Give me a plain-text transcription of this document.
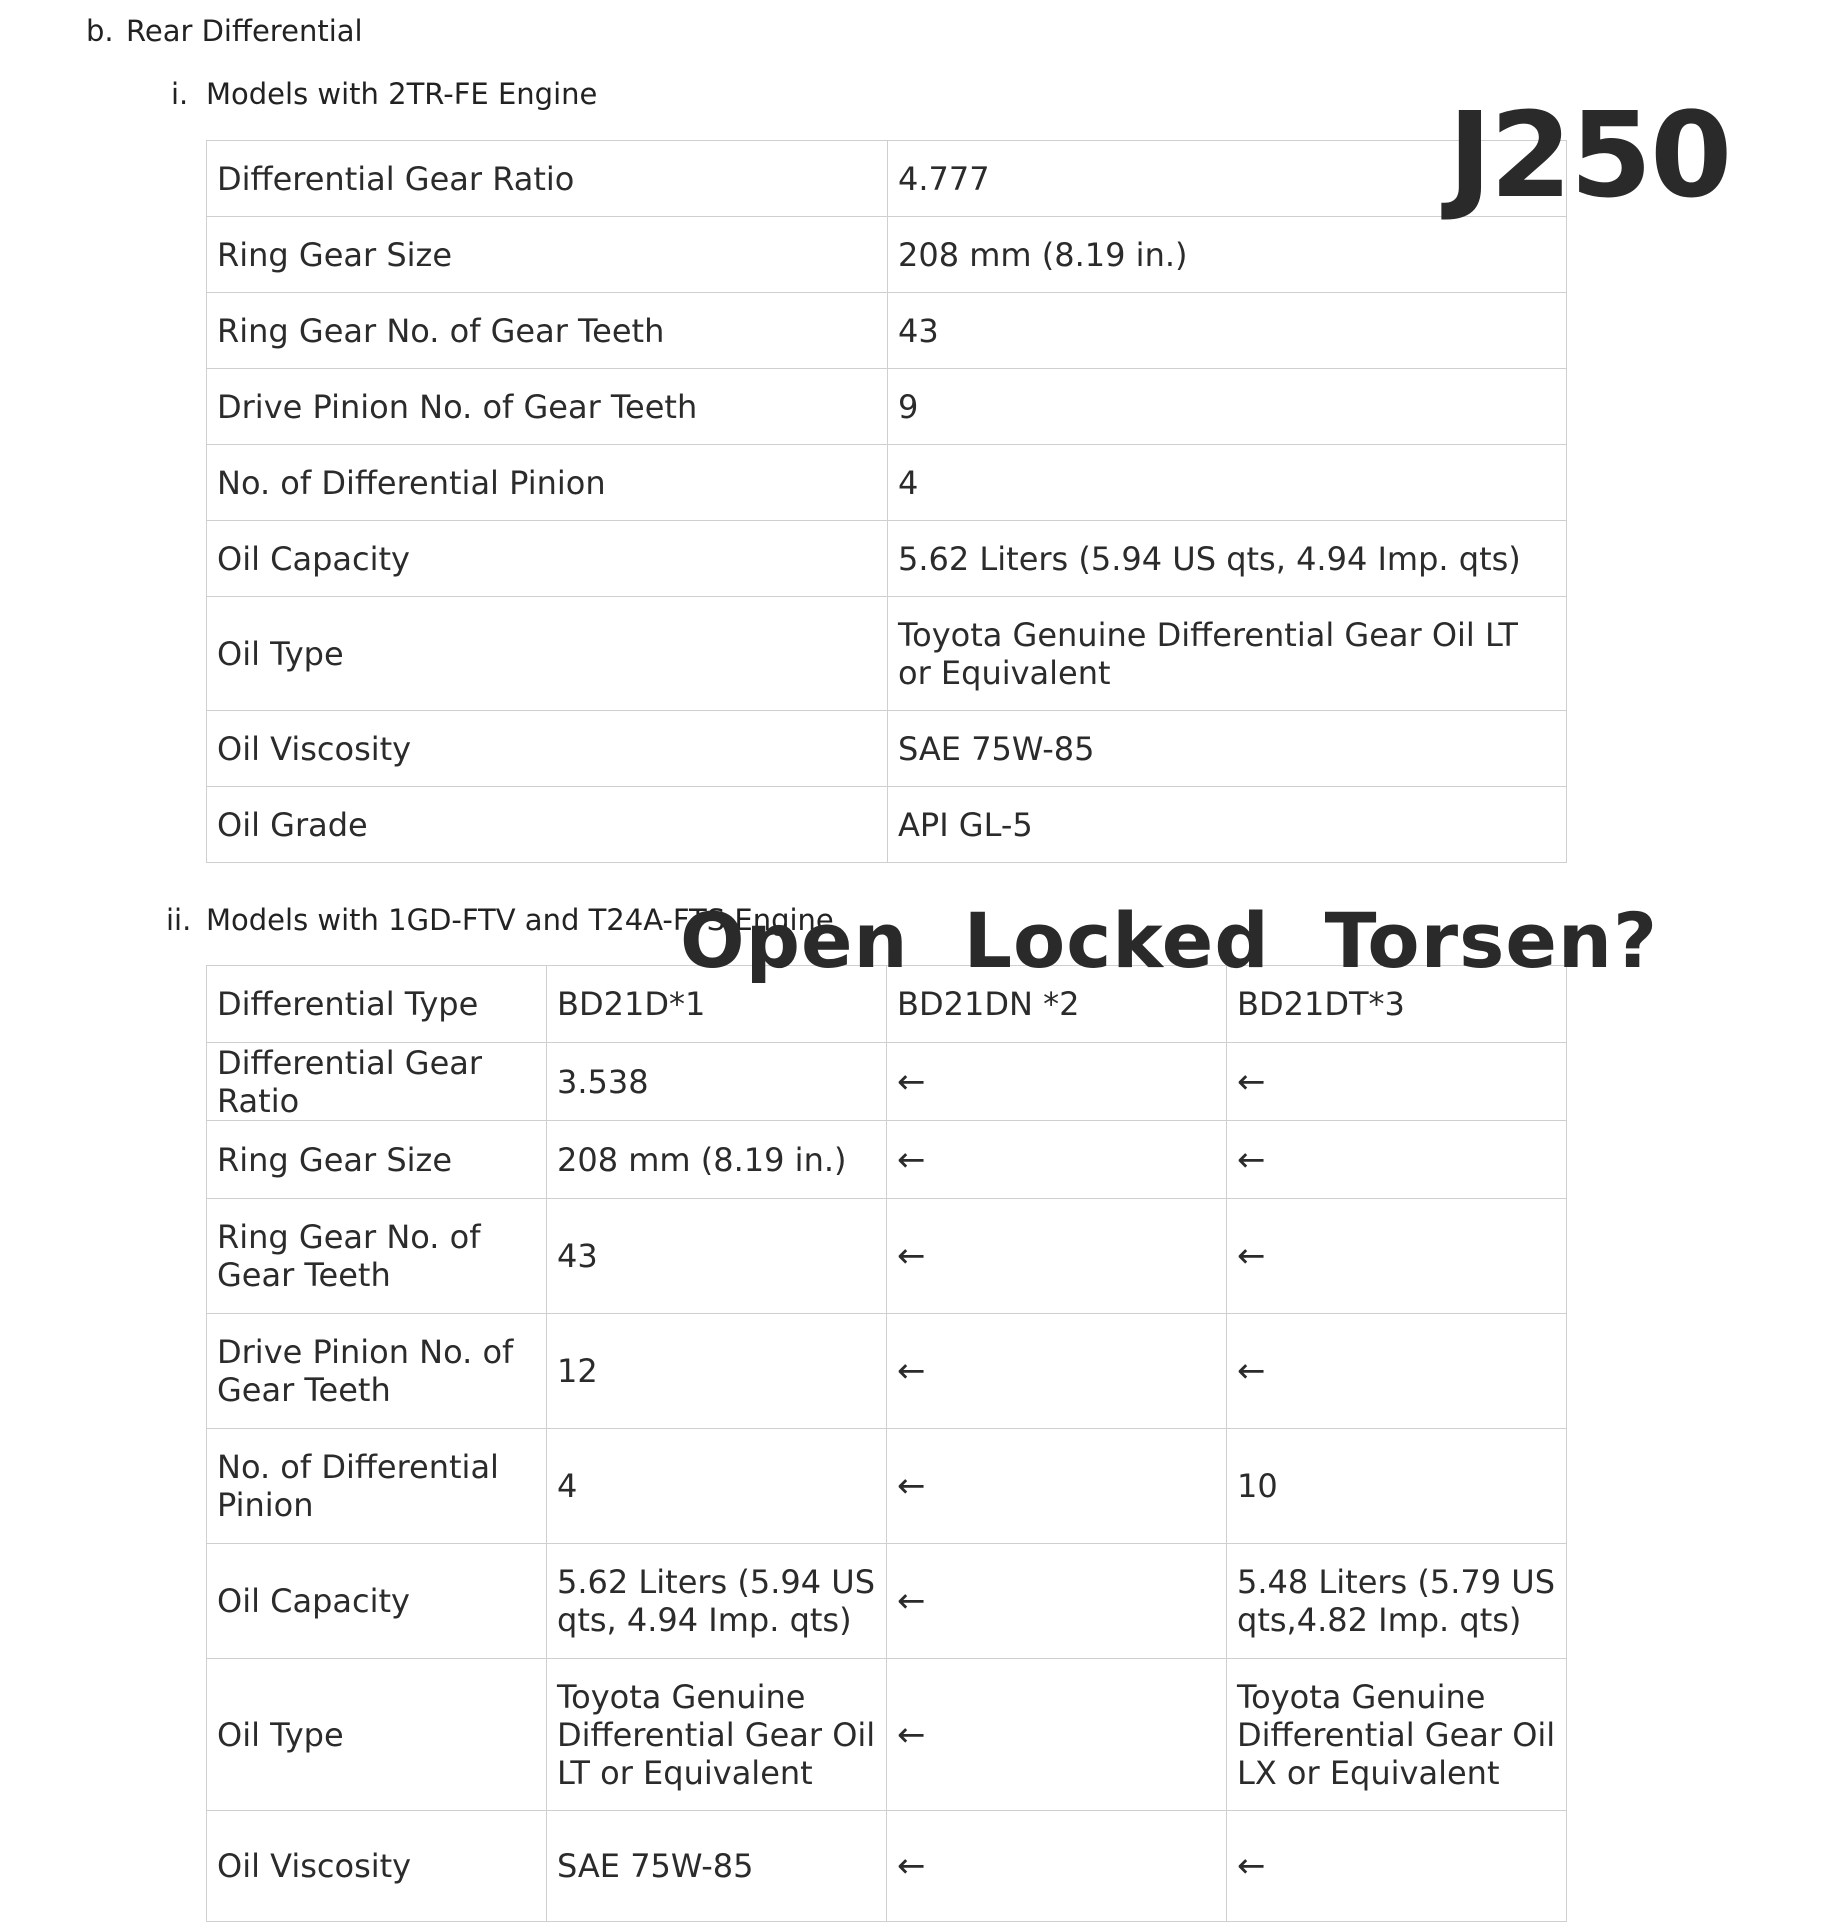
b. Rear Differential
i. Models with 2TR-FE Engine
Differential Gear Ratio	4.777
Ring Gear Size	208 mm (8.19 in.)
Ring Gear No. of Gear Teeth	43
Drive Pinion No. of Gear Teeth	9
No. of Differential Pinion	4
Oil Capacity	5.62 Liters (5.94 US qts, 4.94 Imp. qts)
Oil Type	Toyota Genuine Differential Gear Oil LT or Equivalent
Oil Viscosity	SAE 75W-85
Oil Grade	API GL-5
ii. Models with 1GD-FTV and T24A-FTS Engine
Differential Type	BD21D*1	BD21DN *2	BD21DT*3
Differential Gear Ratio	3.538	←	←
Ring Gear Size	208 mm (8.19 in.)	←	←
Ring Gear No. of Gear Teeth	43	←	←
Drive Pinion No. of Gear Teeth	12	←	←
No. of Differential Pinion	4	←	10
Oil Capacity	5.62 Liters (5.94 US qts, 4.94 Imp. qts)	←	5.48 Liters (5.79 US qts,4.82 Imp. qts)
Oil Type	Toyota Genuine Differential Gear Oil LT or Equivalent	←	Toyota Genuine Differential Gear Oil LX or Equivalent
Oil Viscosity	SAE 75W-85	←	←
J250
Open  Locked  Torsen?
